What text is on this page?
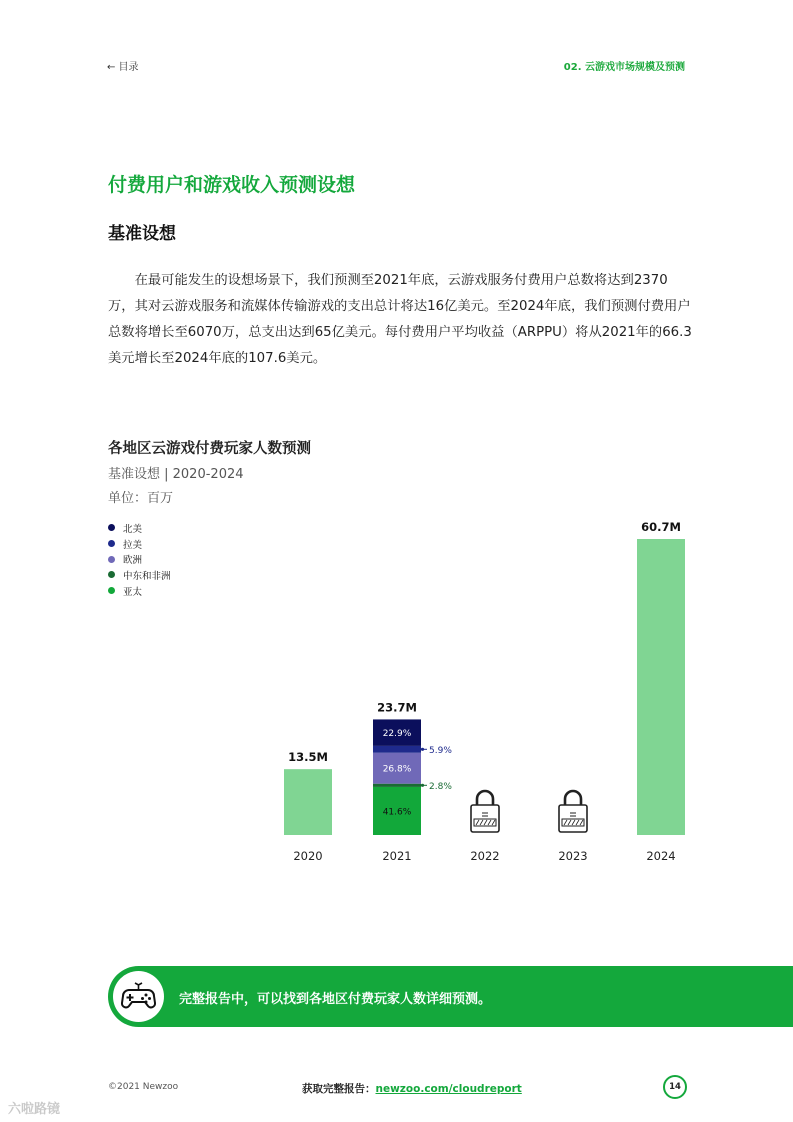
← 目录	02. 云游戏市场规模及预测
付费用户和游戏收入预测设想
基准设想
在最可能发生的设想场景下，我们预测至2021年底，云游戏服务付费用户总数将达到2370万，其对云游戏服务和流媒体传输游戏的支出总计将达16亿美元。至2024年底，我们预测付费用户总数将增长至6070万，总支出达到65亿美元。每付费用户平均收益（ARPPU）将从2021年的66.3美元增长至2024年底的107.6美元。
各地区云游戏付费玩家人数预测
基准设想 | 2020-2024
单位：百万
北美
拉美
欧洲
中东和非洲
亚太
2020
13.5M
2021
41.6%
2.8%
26.8%
5.9%
22.9%
23.7M
2022	2023	2024
60.7M
完整报告中，可以找到各地区付费玩家人数详细预测。
©2021 Newzoo	获取完整报告：newzoo.com/cloudreport	14
六啦路镜
